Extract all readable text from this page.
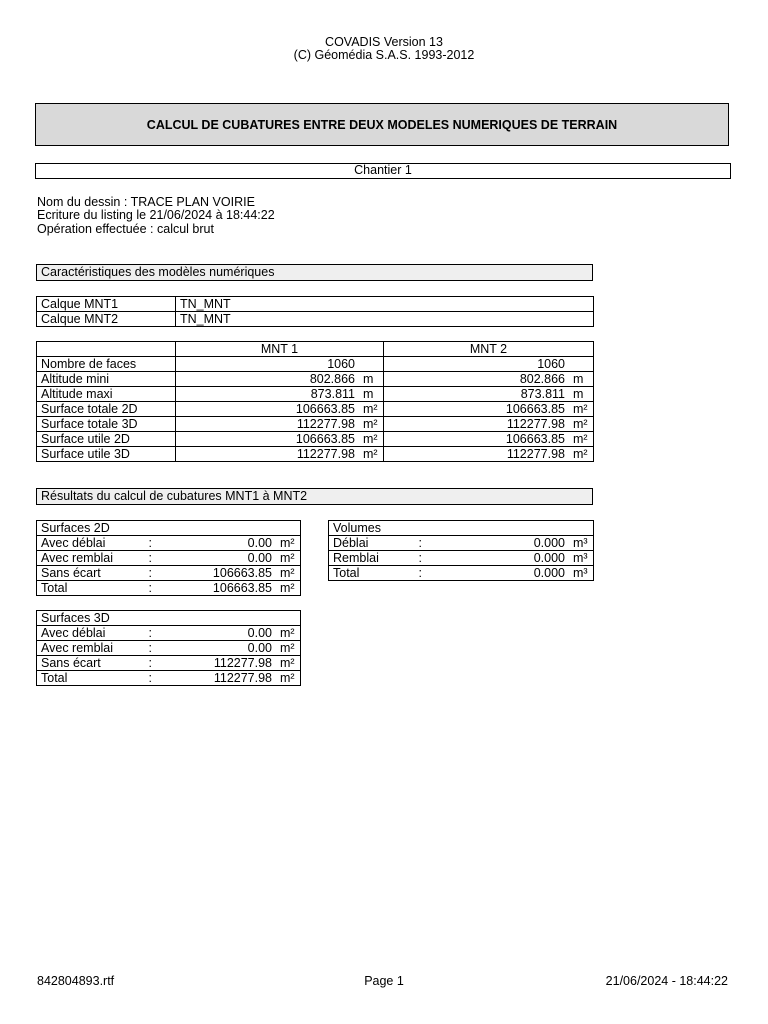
COVADIS Version 13
(C) Géomédia S.A.S. 1993-2012
CALCUL DE CUBATURES ENTRE DEUX MODELES NUMERIQUES DE TERRAIN
Chantier 1
Nom du dessin : TRACE PLAN VOIRIE
Ecriture du listing le 21/06/2024 à 18:44:22
Opération effectuée : calcul brut
Caractéristiques des modèles numériques
Calque MNT1	TN_MNT
Calque MNT2	TN_MNT
	MNT 1	MNT 2
Nombre de faces	1060	1060
Altitude mini	802.866 m	802.866 m
Altitude maxi	873.811 m	873.811 m
Surface totale 2D	106663.85 m²	106663.85 m²
Surface totale 3D	112277.98 m²	112277.98 m²
Surface utile 2D	106663.85 m²	106663.85 m²
Surface utile 3D	112277.98 m²	112277.98 m²
Résultats du calcul de cubatures MNT1 à MNT2
Surfaces 2D		
Avec déblai	:	0.00 m²
Avec remblai	:	0.00 m²
Sans écart	:	106663.85 m²
Total	:	106663.85 m²
Volumes		
Déblai	:	0.000 m³
Remblai	:	0.000 m³
Total	:	0.000 m³
Surfaces 3D		
Avec déblai	:	0.00 m²
Avec remblai	:	0.00 m²
Sans écart	:	112277.98 m²
Total	:	112277.98 m²
842804893.rtf	Page 1	21/06/2024 - 18:44:22
